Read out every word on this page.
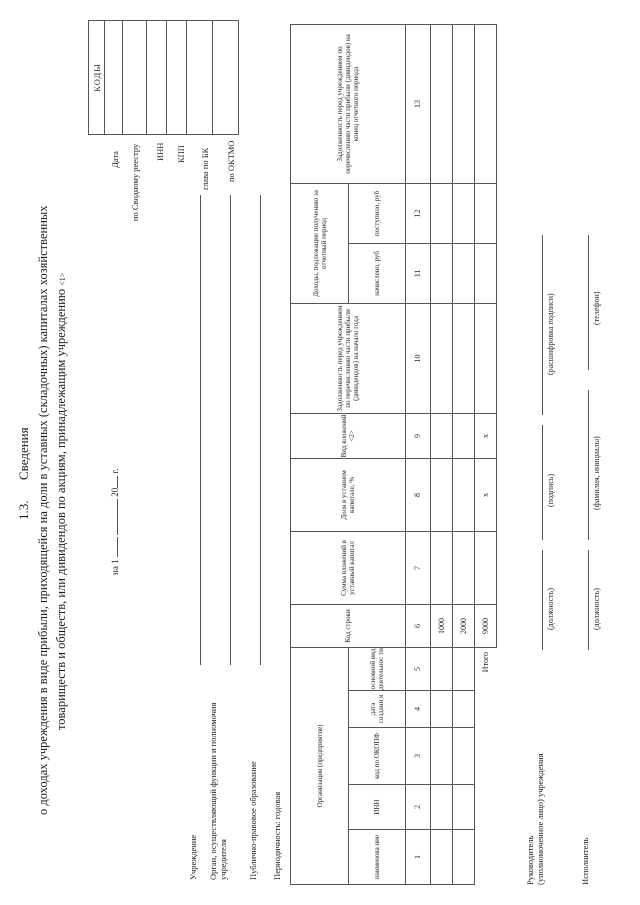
1.3.
Сведения о доходах учреждения в виде прибыли, приходящейся на доли в уставных (складочных) капиталах хозяйственных товариществ и обществ, или дивидендов по акциям, принадлежащим учреждению <1>
на 1   20 г.
КОДЫ

Дата по Сводному реестру ИНН КПП глава по БК по ОКТМО
Учреждение Орган, осуществляющий функции и полномочия учредителя Публично-правовое образование Периодичность: годовая
Организация (предприятие)					Код строки	Сумма вложений в уставный капитал	Доля в уставном капитале, %	Вид вложений <2>	Задолженность перед учреждением по перечислению части прибыли (дивидендов) на начало года	Доходы, подлежащие получению за отчетный период		Задолженность перед учреждением по перечислению части прибыли (дивидендов) на конец отчетного периода
наименова ние	ИНН	код по ОКОПФ	дата создани я	основной вид деятельнос ти						начислено, руб	поступило, руб	
1	2	3	4	5	6	7	8	9	10	11	12	13
					1000							
					2000							
Итого					9000		x	x				
Руководитель (уполномоченное лицо) учреждения
(должность)
(подпись)
(расшифровка подписи)
Исполнитель
(должность)
(фамилия, инициалы)
(телефон)
